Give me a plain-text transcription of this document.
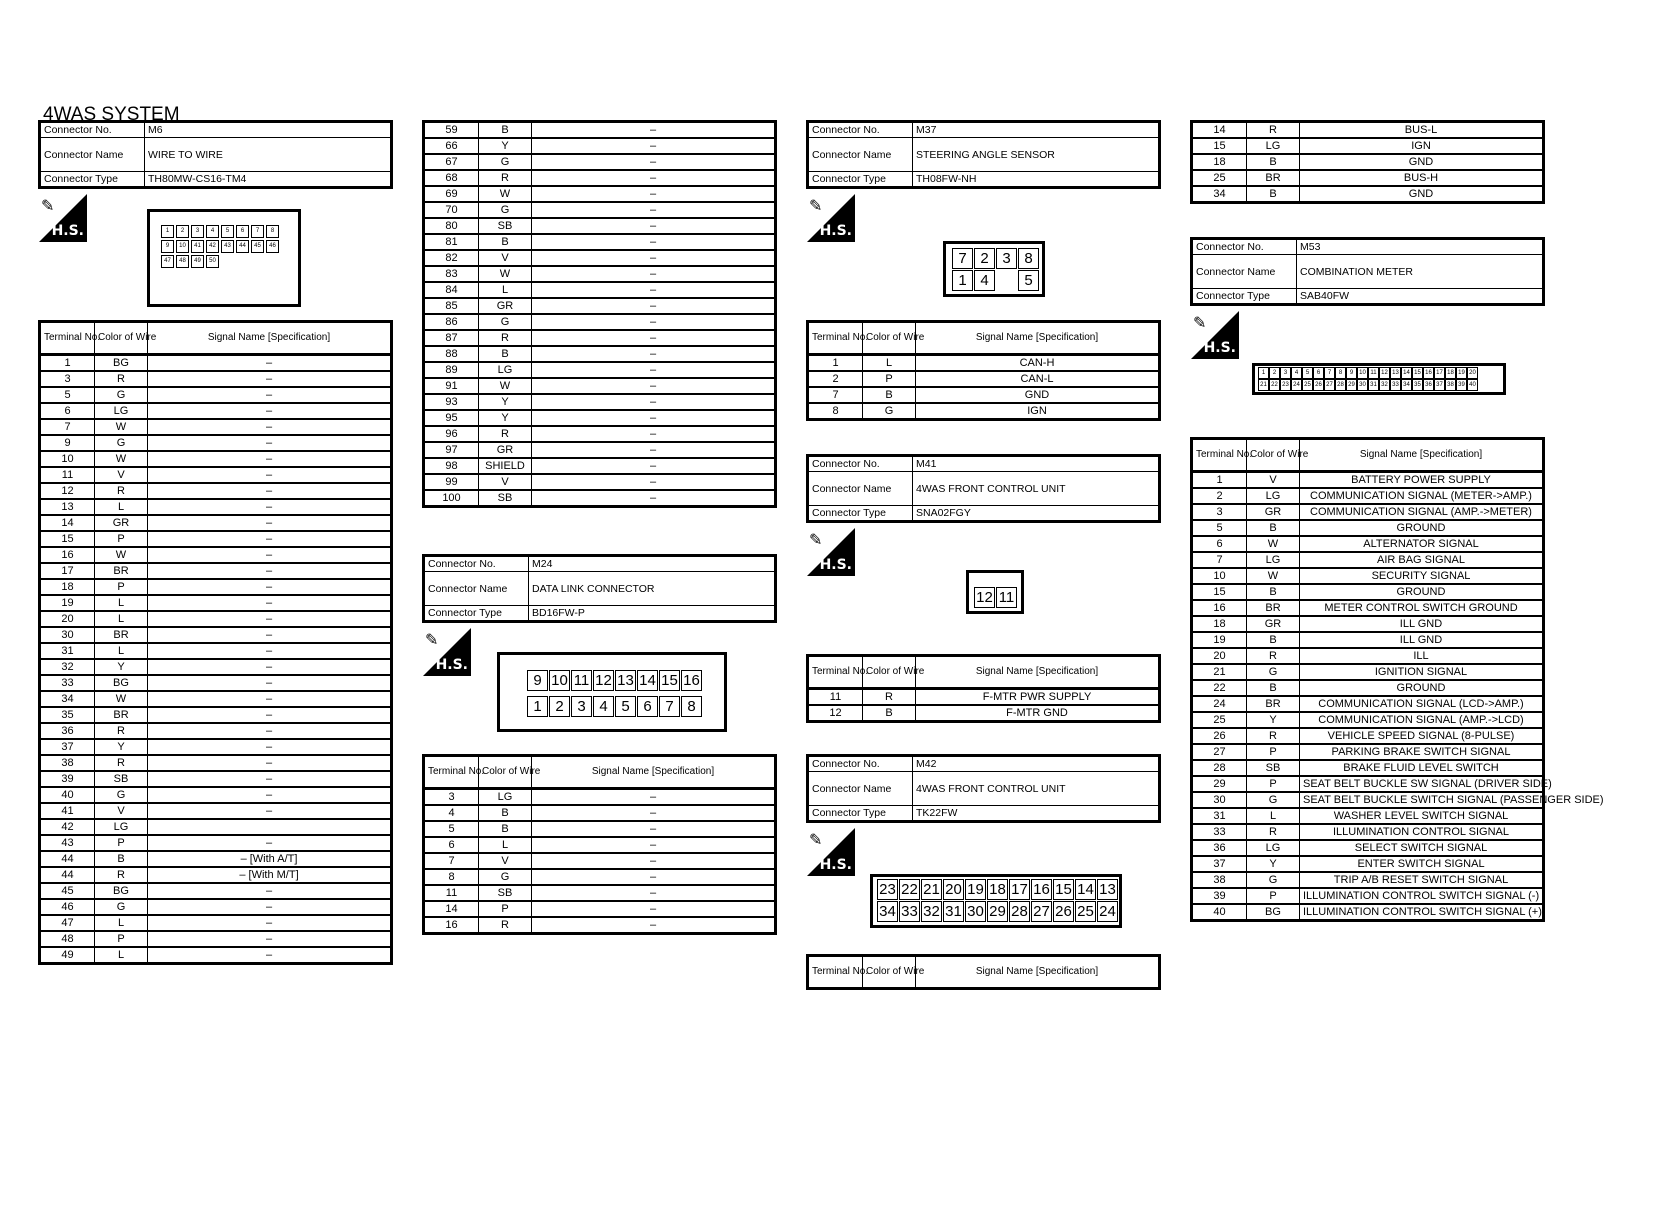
4WAS SYSTEM
Connector No.	M6
Connector Name	WIRE TO WIRE
Connector Type	TH80MW-CS16-TM4
✎
H.S.	1	2	3	4	5	6	7	8
9	10	41	42	43	44	45	46
47	48	49	50
Terminal No.	Color of Wire	Signal Name [Specification]
1	BG	–
3	R	–
5	G	–
6	LG	–
7	W	–
9	G	–
10	W	–
11	V	–
12	R	–
13	L	–
14	GR	–
15	P	–
16	W	–
17	BR	–
18	P	–
19	L	–
20	L	–
30	BR	–
31	L	–
32	Y	–
33	BG	–
34	W	–
35	BR	–
36	R	–
37	Y	–
38	R	–
39	SB	–
40	G	–
41	V	–
42	LG	
43	P	–
44	B	– [With A/T]
44	R	– [With M/T]
45	BG	–
46	G	–
47	L	–
48	P	–
49	L	–
59	B	–
66	Y	–
67	G	–
68	R	–
69	W	–
70	G	–
80	SB	–
81	B	–
82	V	–
83	W	–
84	L	–
85	GR	–
86	G	–
87	R	–
88	B	–
89	LG	–
91	W	–
93	Y	–
95	Y	–
96	R	–
97	GR	–
98	SHIELD	–
99	V	–
100	SB	–
Connector No.	M24
Connector Name	DATA LINK CONNECTOR
Connector Type	BD16FW-P
✎
H.S.
9 10 11 12 13 14 15 16
1 2 3 4 5 6 7 8
Terminal No.	Color of Wire	Signal Name [Specification]
3	LG	–
4	B	–
5	B	–
6	L	–
7	V	–
8	G	–
11	SB	–
14	P	–
16	R	–
Connector No.	M37
Connector Name	STEERING ANGLE SENSOR
Connector Type	TH08FW-NH
✎
H.S.
7 2 3 8
1 4	5
Terminal No.	Color of Wire	Signal Name [Specification]
1	L	CAN-H
2	P	CAN-L
7	B	GND
8	G	IGN
Connector No.	M41
Connector Name	4WAS FRONT CONTROL UNIT
Connector Type	SNA02FGY
✎
H.S.
12 11
Terminal No.	Color of Wire	Signal Name [Specification]
11	R	F-MTR PWR SUPPLY
12	B	F-MTR GND
Connector No.	M42
Connector Name	4WAS FRONT CONTROL UNIT
Connector Type	TK22FW
✎
H.S.
23 22 21 20 19 18 17 16 15 14 13
34 33 32 31 30 29 28 27 26 25 24
Terminal No.	Color of Wire	Signal Name [Specification]
14	R	BUS-L
15	LG	IGN
18	B	GND
25	BR	BUS-H
34	B	GND
Connector No.	M53
Connector Name	COMBINATION METER
Connector Type	SAB40FW
✎
H.S.
1	2	3	4	5	6	7	8	9 10 11 12 13 14 15 16 17 18 19 20
21 22 23 24 25 26 27 28 29 30 31 32 33 34 35 36 37 38 39 40
Terminal No.	Color of Wire	Signal Name [Specification]
1	V	BATTERY POWER SUPPLY
2	LG	COMMUNICATION SIGNAL (METER->AMP.)
3	GR	COMMUNICATION SIGNAL (AMP.->METER)
5	B	GROUND
6	W	ALTERNATOR SIGNAL
7	LG	AIR BAG SIGNAL
10	W	SECURITY SIGNAL
15	B	GROUND
16	BR	METER CONTROL SWITCH GROUND
18	GR	ILL GND
19	B	ILL GND
20	R	ILL
21	G	IGNITION SIGNAL
22	B	GROUND
24	BR	COMMUNICATION SIGNAL (LCD->AMP.)
25	Y	COMMUNICATION SIGNAL (AMP.->LCD)
26	R	VEHICLE SPEED SIGNAL (8-PULSE)
27	P	PARKING BRAKE SWITCH SIGNAL
28	SB	BRAKE FLUID LEVEL SWITCH
29	P	SEAT BELT BUCKLE SW SIGNAL (DRIVER SIDE)
30	G	SEAT BELT BUCKLE SWITCH SIGNAL (PASSENGER SIDE)
31	L	WASHER LEVEL SWITCH SIGNAL
33	R	ILLUMINATION CONTROL SIGNAL
36	LG	SELECT SWITCH SIGNAL
37	Y	ENTER SWITCH SIGNAL
38	G	TRIP A/B RESET SWITCH SIGNAL
39	P	ILLUMINATION CONTROL SWITCH SIGNAL (-)
40	BG	ILLUMINATION CONTROL SWITCH SIGNAL (+)
